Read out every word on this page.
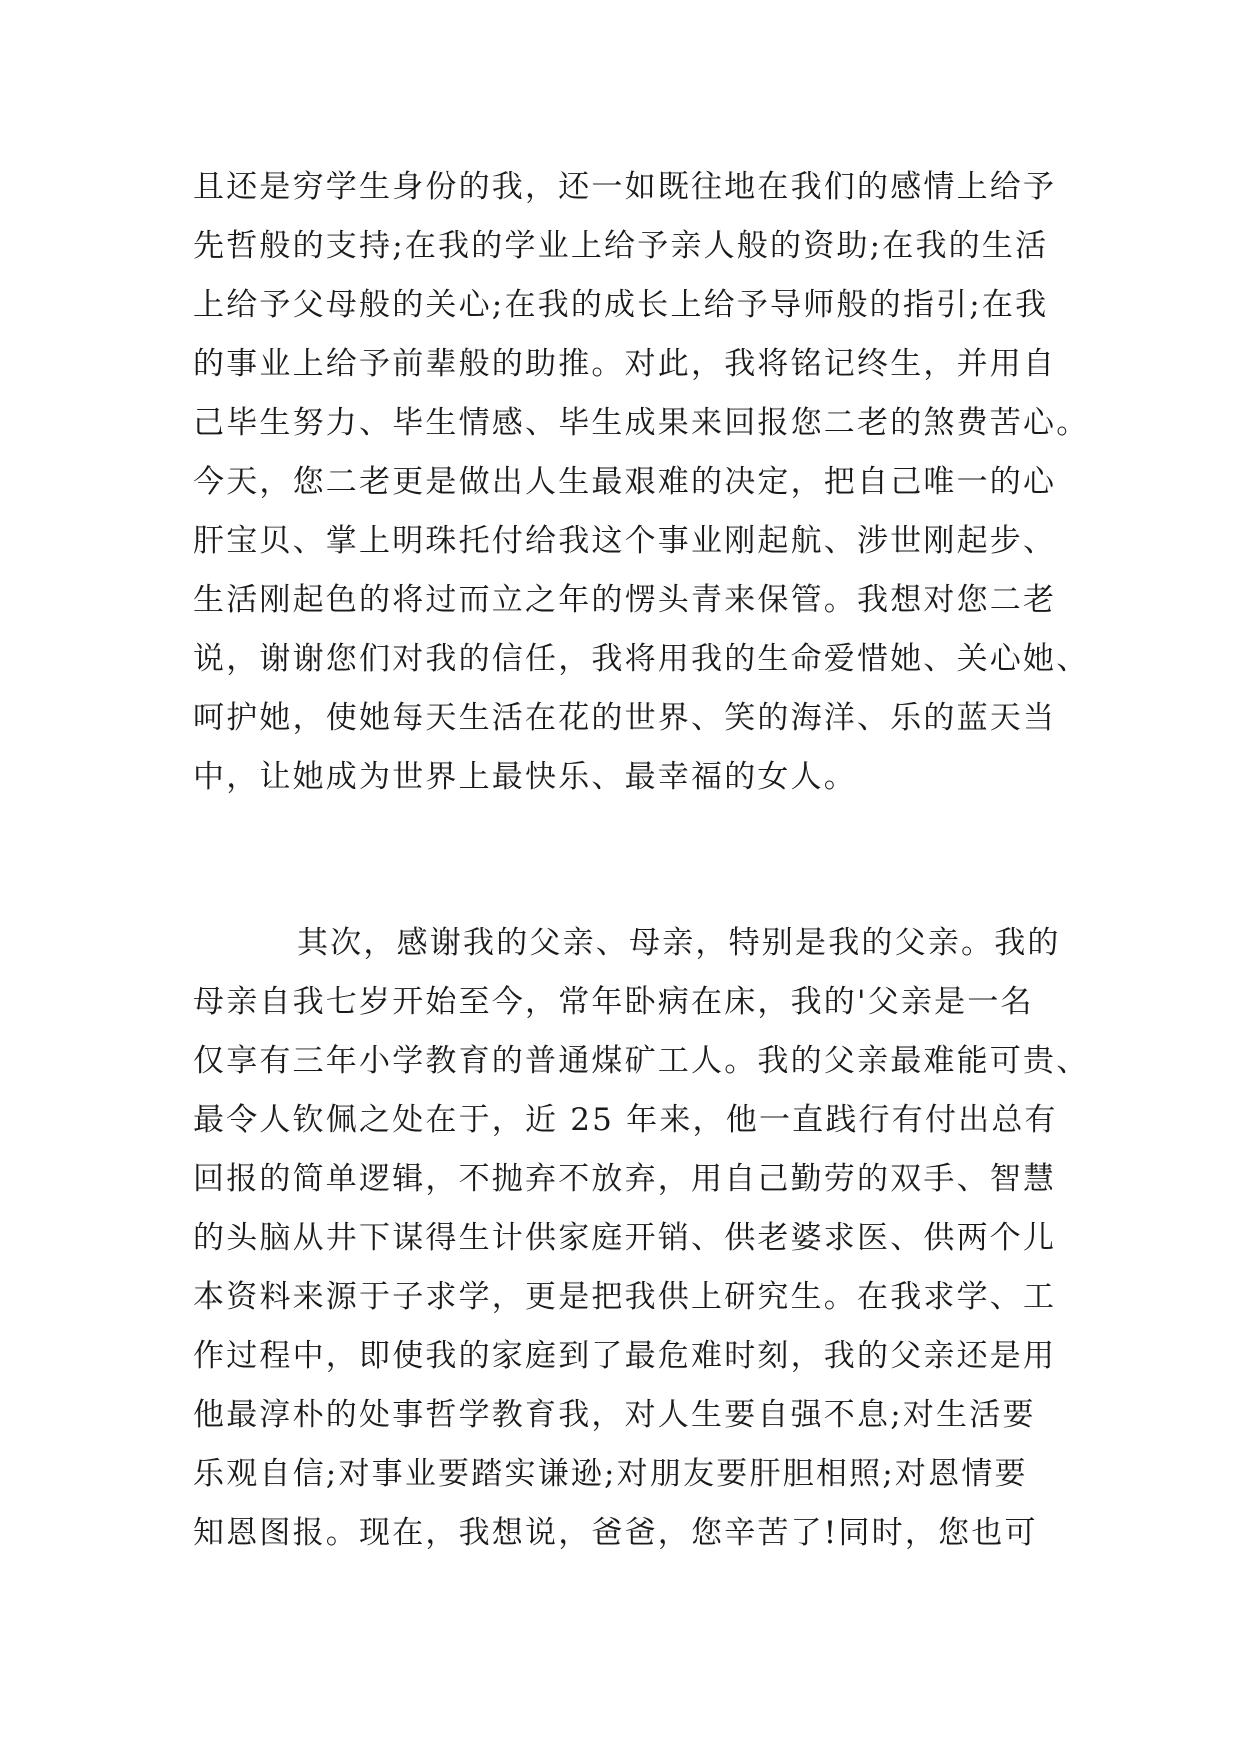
且还是穷学生身份的我，还一如既往地在我们的感情上给予
先哲般的支持;在我的学业上给予亲人般的资助;在我的生活
上给予父母般的关心;在我的成长上给予导师般的指引;在我
的事业上给予前辈般的助推。对此，我将铭记终生，并用自
己毕生努力、毕生情感、毕生成果来回报您二老的煞费苦心。
今天，您二老更是做出人生最艰难的决定，把自己唯一的心
肝宝贝、掌上明珠托付给我这个事业刚起航、涉世刚起步、
生活刚起色的将过而立之年的愣头青来保管。我想对您二老
说，谢谢您们对我的信任，我将用我的生命爱惜她、关心她、
呵护她，使她每天生活在花的世界、笑的海洋、乐的蓝天当
中，让她成为世界上最快乐、最幸福的女人。
其次，感谢我的父亲、母亲，特别是我的父亲。我的
母亲自我七岁开始至今，常年卧病在床，我的'父亲是一名
仅享有三年小学教育的普通煤矿工人。我的父亲最难能可贵、
最令人钦佩之处在于，近 25 年来，他一直践行有付出总有
回报的简单逻辑，不抛弃不放弃，用自己勤劳的双手、智慧
的头脑从井下谋得生计供家庭开销、供老婆求医、供两个儿
本资料来源于子求学，更是把我供上研究生。在我求学、工
作过程中，即使我的家庭到了最危难时刻，我的父亲还是用
他最淳朴的处事哲学教育我，对人生要自强不息;对生活要
乐观自信;对事业要踏实谦逊;对朋友要肝胆相照;对恩情要
知恩图报。现在，我想说，爸爸，您辛苦了!同时，您也可
